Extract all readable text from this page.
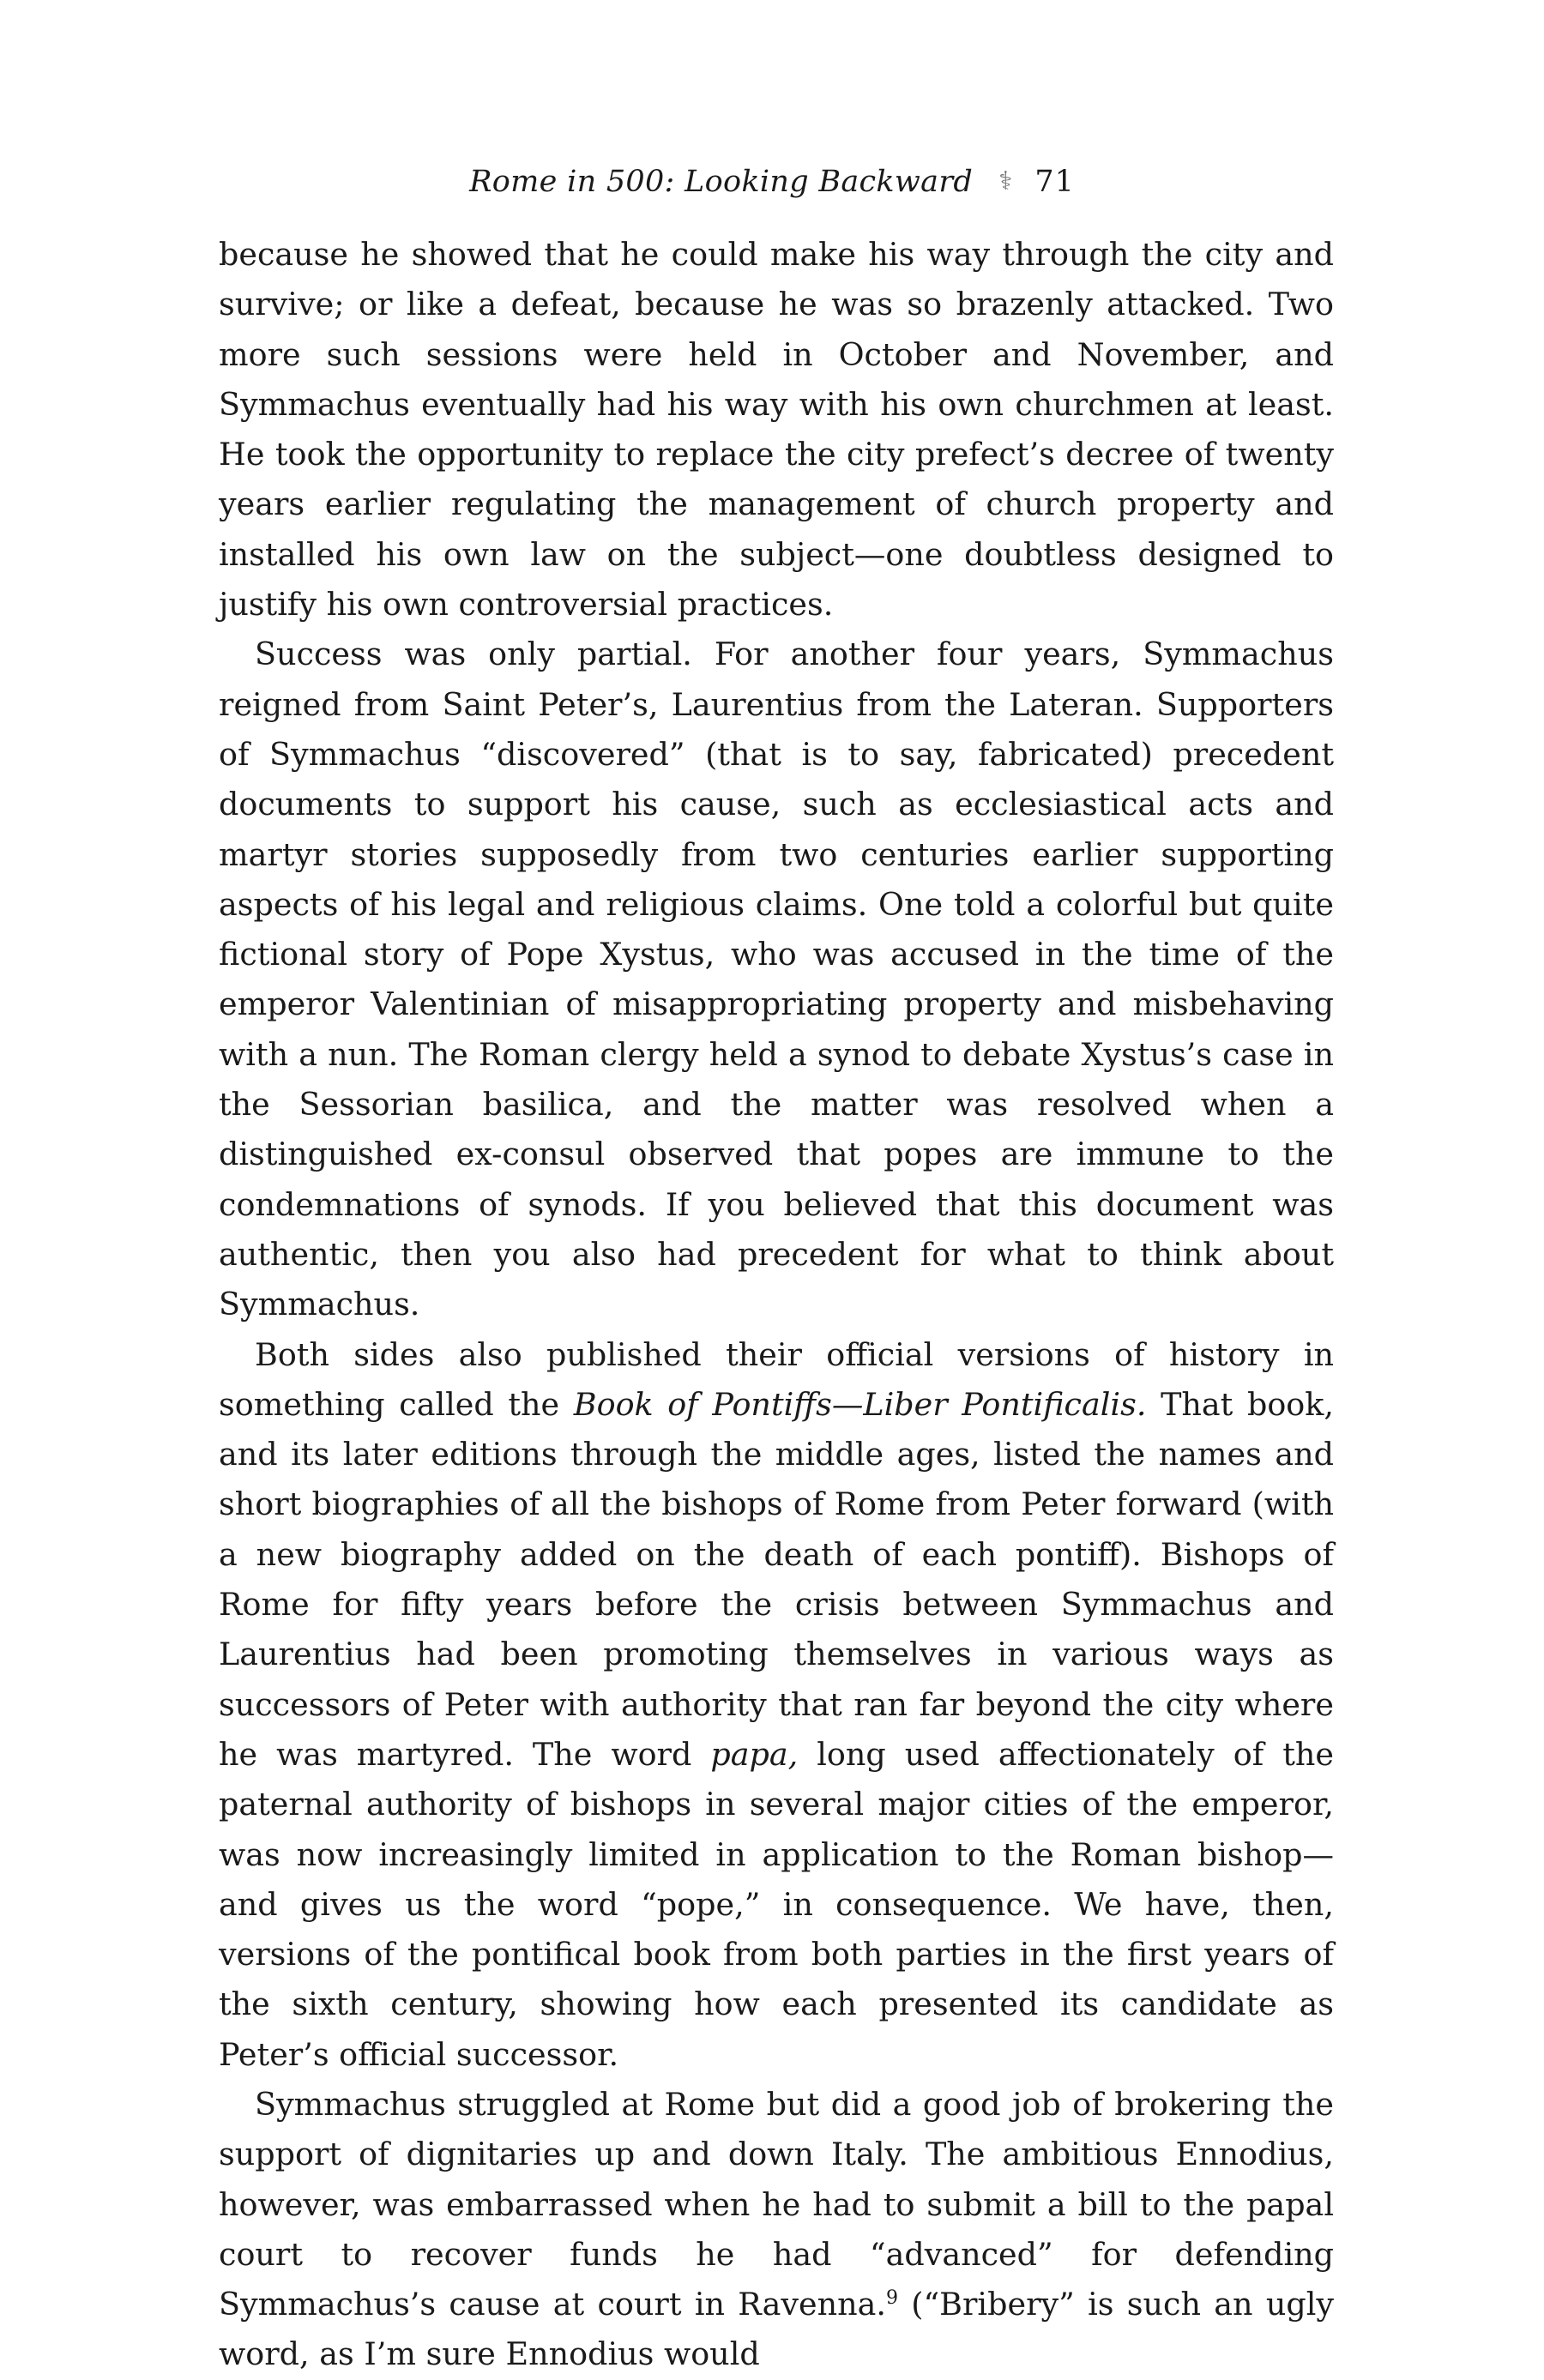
Rome in 500: Looking Backward ⚕ 71

because he showed that he could make his way through the city and survive; or like a defeat, because he was so brazenly attacked. Two more such sessions were held in October and November, and Symmachus eventually had his way with his own churchmen at least. He took the opportunity to replace the city prefect’s decree of twenty years earlier regulating the management of church property and installed his own law on the subject—one doubtless designed to justify his own controversial practices.

Success was only partial. For another four years, Symmachus reigned from Saint Peter’s, Laurentius from the Lateran. Supporters of Symmachus “discovered” (that is to say, fabricated) precedent documents to support his cause, such as ecclesiastical acts and martyr stories supposedly from two centuries earlier supporting aspects of his legal and religious claims. One told a colorful but quite fictional story of Pope Xystus, who was accused in the time of the emperor Valentinian of misappropriating property and misbehaving with a nun. The Roman clergy held a synod to debate Xystus’s case in the Sessorian basilica, and the matter was resolved when a distinguished ex-consul observed that popes are immune to the condemnations of synods. If you believed that this document was authentic, then you also had precedent for what to think about Symmachus.

Both sides also published their official versions of history in something called the Book of Pontiffs—Liber Pontificalis. That book, and its later editions through the middle ages, listed the names and short biographies of all the bishops of Rome from Peter forward (with a new biography added on the death of each pontiff). Bishops of Rome for fifty years before the crisis between Symmachus and Laurentius had been promoting themselves in various ways as successors of Peter with authority that ran far beyond the city where he was martyred. The word papa, long used affectionately of the paternal authority of bishops in several major cities of the emperor, was now increasingly limited in application to the Roman bishop—and gives us the word “pope,” in consequence. We have, then, versions of the pontifical book from both parties in the first years of the sixth century, showing how each presented its candidate as Peter’s official successor.

Symmachus struggled at Rome but did a good job of brokering the support of dignitaries up and down Italy. The ambitious Ennodius, however, was embarrassed when he had to submit a bill to the papal court to recover funds he had “advanced” for defending Symmachus’s cause at court in Ravenna.$^9$ (“Bribery” is such an ugly word, as I’m sure Ennodius would
